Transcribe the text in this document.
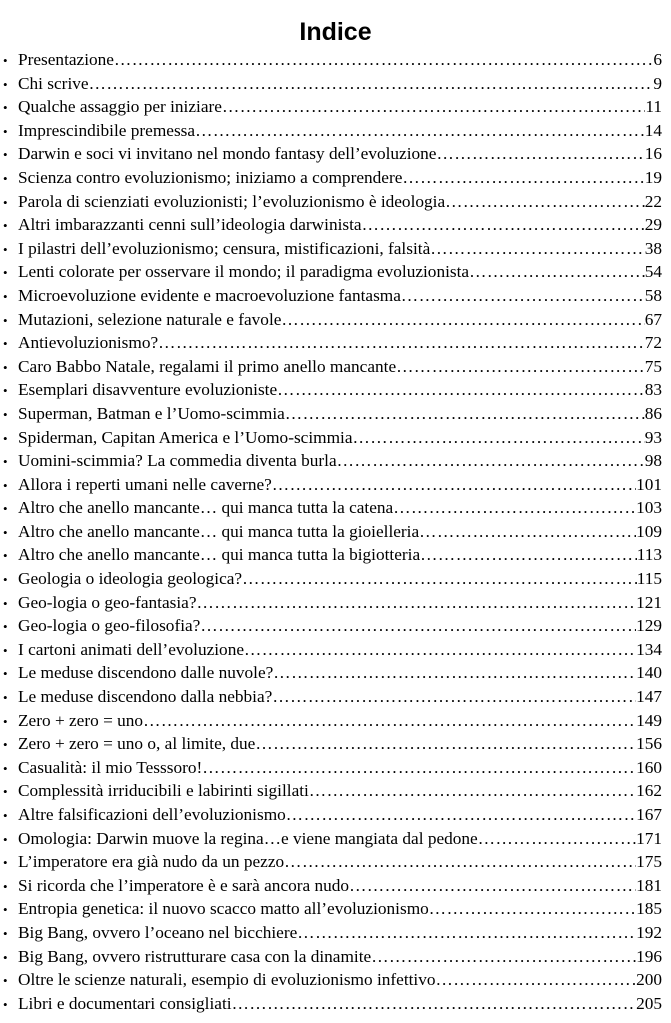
Indice
• Presentazione ……………………………………………………………………………………………………………………………………………………………………………………	6
• Chi scrive ……………………………………………………………………………………………………………………………………………………………………………………	9
• Qualche assaggio per iniziare ……………………………………………………………………………………………………………………………………………………………………………………	11
• Imprescindibile premessa ……………………………………………………………………………………………………………………………………………………………………………………	14
• Darwin e soci vi invitano nel mondo fantasy dell’evoluzione ……………………………………………………………………………………………………………………………………………………………………………………	16
• Scienza contro evoluzionismo; iniziamo a comprendere ……………………………………………………………………………………………………………………………………………………………………………………	19
• Parola di scienziati evoluzionisti; l’evoluzionismo è ideologia ……………………………………………………………………………………………………………………………………………………………………………………	22
• Altri imbarazzanti cenni sull’ideologia darwinista ……………………………………………………………………………………………………………………………………………………………………………………	29
• I pilastri dell’evoluzionismo; censura, mistificazioni, falsità ……………………………………………………………………………………………………………………………………………………………………………………	38
• Lenti colorate per osservare il mondo; il paradigma evoluzionista ……………………………………………………………………………………………………………………………………………………………………………………	54
• Microevoluzione evidente e macroevoluzione fantasma ……………………………………………………………………………………………………………………………………………………………………………………	58
• Mutazioni, selezione naturale e favole ……………………………………………………………………………………………………………………………………………………………………………………	67
• Antievoluzionismo? ……………………………………………………………………………………………………………………………………………………………………………………	72
• Caro Babbo Natale, regalami il primo anello mancante ……………………………………………………………………………………………………………………………………………………………………………………	75
• Esemplari disavventure evoluzioniste ……………………………………………………………………………………………………………………………………………………………………………………	83
• Superman, Batman e l’Uomo-scimmia ……………………………………………………………………………………………………………………………………………………………………………………	86
• Spiderman, Capitan America e l’Uomo-scimmia ……………………………………………………………………………………………………………………………………………………………………………………	93
• Uomini-scimmia? La commedia diventa burla ……………………………………………………………………………………………………………………………………………………………………………………	98
• Allora i reperti umani nelle caverne? ……………………………………………………………………………………………………………………………………………………………………………………	101
• Altro che anello mancante… qui manca tutta la catena ……………………………………………………………………………………………………………………………………………………………………………………	103
• Altro che anello mancante… qui manca tutta la gioielleria ……………………………………………………………………………………………………………………………………………………………………………………	109
• Altro che anello mancante… qui manca tutta la bigiotteria ……………………………………………………………………………………………………………………………………………………………………………………	113
• Geologia o ideologia geologica? ……………………………………………………………………………………………………………………………………………………………………………………	115
• Geo-logia o geo-fantasia? ……………………………………………………………………………………………………………………………………………………………………………………	121
• Geo-logia o geo-filosofia? ……………………………………………………………………………………………………………………………………………………………………………………	129
• I cartoni animati dell’evoluzione ……………………………………………………………………………………………………………………………………………………………………………………	134
• Le meduse discendono dalle nuvole? ……………………………………………………………………………………………………………………………………………………………………………………	140
• Le meduse discendono dalla nebbia? ……………………………………………………………………………………………………………………………………………………………………………………	147
• Zero + zero = uno ……………………………………………………………………………………………………………………………………………………………………………………	149
• Zero + zero = uno o, al limite, due ……………………………………………………………………………………………………………………………………………………………………………………	156
• Casualità: il mio Tesssoro! ……………………………………………………………………………………………………………………………………………………………………………………	160
• Complessità irriducibili e labirinti sigillati ……………………………………………………………………………………………………………………………………………………………………………………	162
• Altre falsificazioni dell’evoluzionismo ……………………………………………………………………………………………………………………………………………………………………………………	167
• Omologia: Darwin muove la regina…e viene mangiata dal pedone ……………………………………………………………………………………………………………………………………………………………………………………	171
• L’imperatore era già nudo da un pezzo ……………………………………………………………………………………………………………………………………………………………………………………	175
• Si ricorda che l’imperatore è e sarà ancora nudo ……………………………………………………………………………………………………………………………………………………………………………………	181
• Entropia genetica: il nuovo scacco matto all’evoluzionismo ……………………………………………………………………………………………………………………………………………………………………………………	185
• Big Bang, ovvero l’oceano nel bicchiere ……………………………………………………………………………………………………………………………………………………………………………………	192
• Big Bang, ovvero ristrutturare casa con la dinamite ……………………………………………………………………………………………………………………………………………………………………………………	196
• Oltre le scienze naturali, esempio di evoluzionismo infettivo ……………………………………………………………………………………………………………………………………………………………………………………	200
• Libri e documentari consigliati ……………………………………………………………………………………………………………………………………………………………………………………	205
